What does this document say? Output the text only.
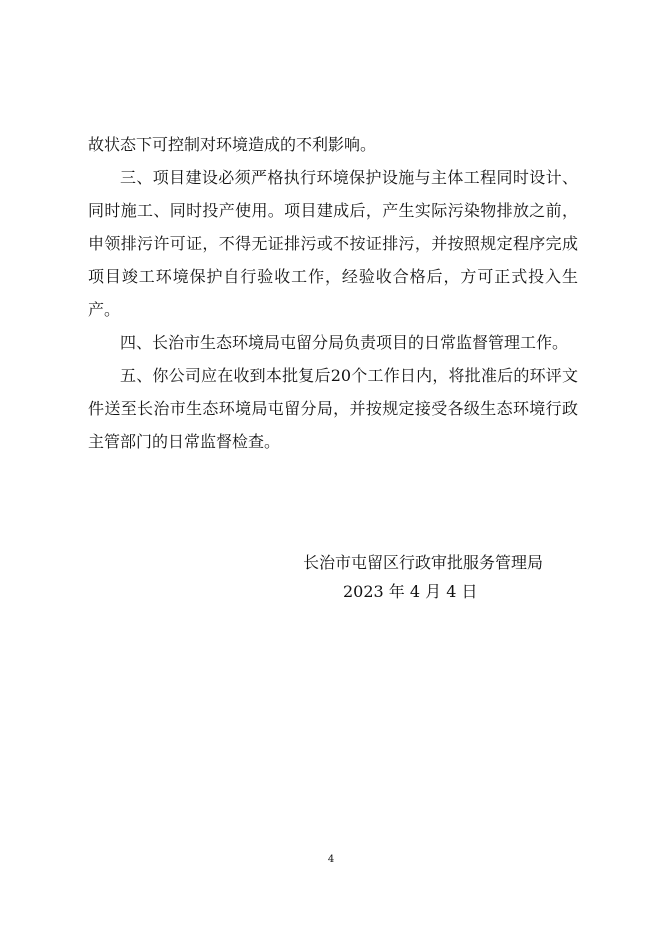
故状态下可控制对环境造成的不利影响。

三、项目建设必须严格执行环境保护设施与主体工程同时设计、同时施工、同时投产使用。项目建成后，产生实际污染物排放之前，申领排污许可证，不得无证排污或不按证排污，并按照规定程序完成项目竣工环境保护自行验收工作，经验收合格后，方可正式投入生产。

四、长治市生态环境局屯留分局负责项目的日常监督管理工作。

五、你公司应在收到本批复后20个工作日内，将批准后的环评文件送至长治市生态环境局屯留分局，并按规定接受各级生态环境行政主管部门的日常监督检查。

长治市屯留区行政审批服务管理局
2023 年 4 月 4 日
4
